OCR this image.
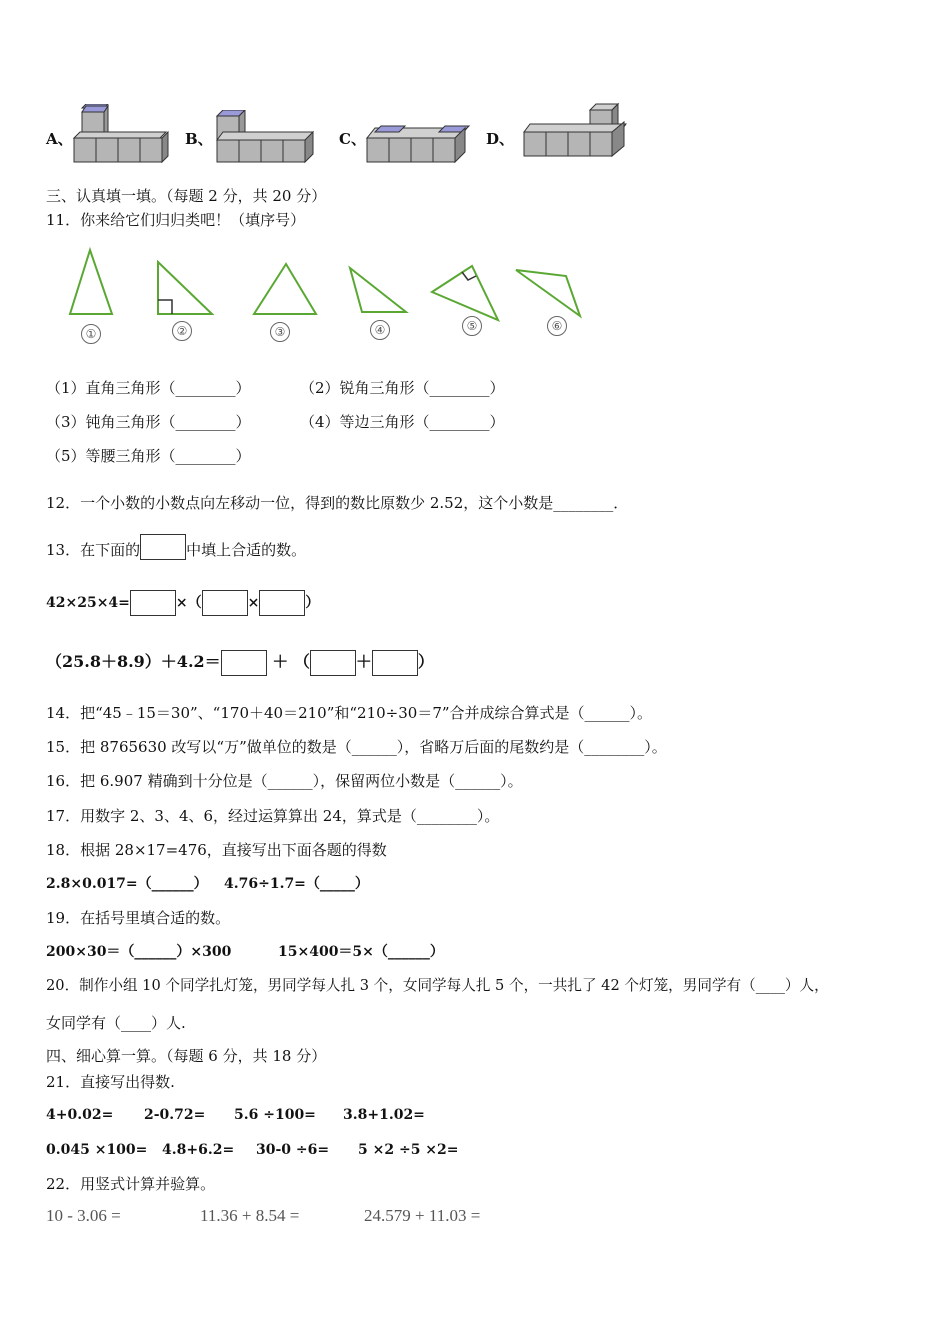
A、	B、	C、	D、
三、认真填一填。（每题 2 分，共 20 分）
11．你来给它们归归类吧！（填序号）
①	②	③	④	⑤	⑥
（1）直角三角形（________）	（2）锐角三角形（________）
（3）钝角三角形（________）	（4）等边三角形（________）
（5）等腰三角形（________）
12．一个小数的小数点向左移动一位，得到的数比原数少 2.52，这个小数是________．
13．在下面的	中填上合适的数。
42×25×4=	×（	×	）
（25.8＋8.9）＋4.2＝	＋ （	＋	）
14．把“45﹣15＝30”、“170＋40＝210”和“210÷30＝7”合并成综合算式是（______）。
15．把 8765630 改写以“万”做单位的数是（______），省略万后面的尾数约是（________）。
16．把 6.907 精确到十分位是（______），保留两位小数是（______）。
17．用数字 2、3、4、6，经过运算算出 24，算式是（________）。
18．根据 28×17=476，直接写出下面各题的得数
2.8×0.017=（______） 4.76÷1.7=（_____）
19．在括号里填合适的数。
200×30＝（______）×300	15×400＝5×（______）
20．制作小组 10 个同学扎灯笼，男同学每人扎 3 个，女同学每人扎 5 个，一共扎了 42 个灯笼，男同学有（____）人，
女同学有（____）人.
四、细心算一算。（每题 6 分，共 18 分）
21．直接写出得数.
4+0.02= 2-0.72= 5.6 ÷100= 3.8+1.02=
0.045 ×100= 4.8+6.2= 30-0 ÷6= 5 ×2 ÷5 ×2=
22．用竖式计算并验算。
10 - 3.06 =	11.36 + 8.54 =	24.579 + 11.03 =
